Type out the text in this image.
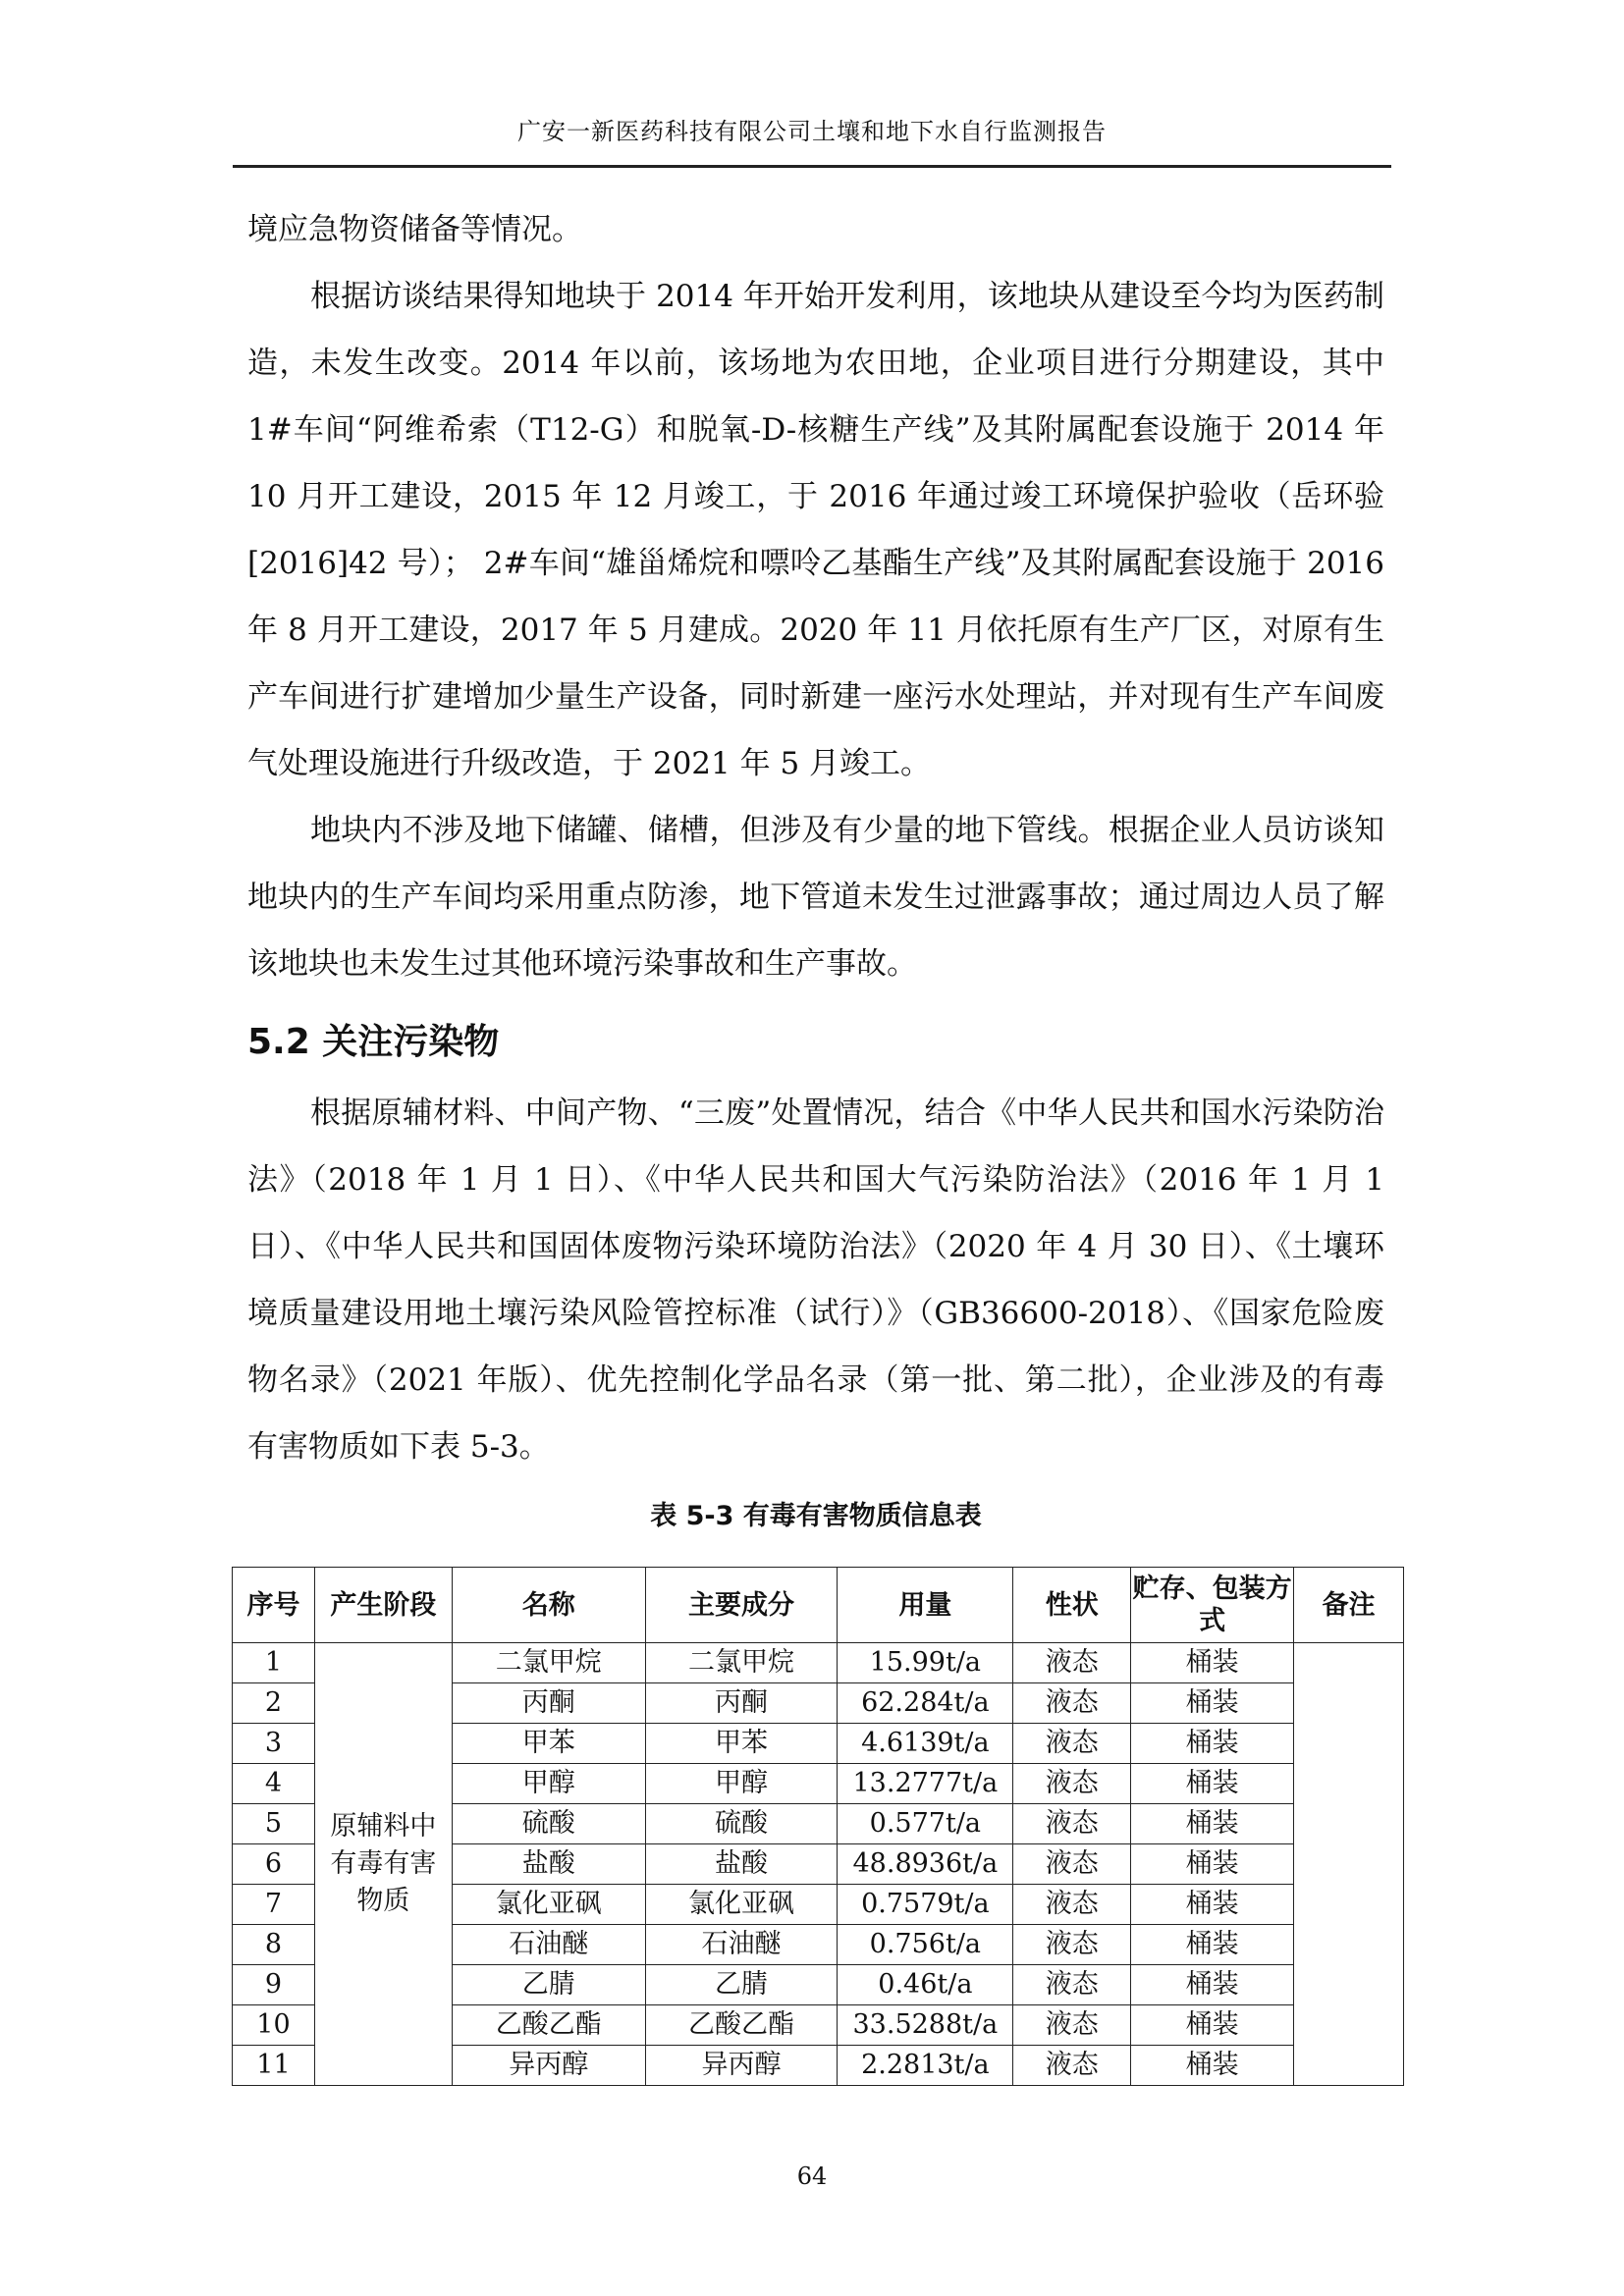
广安一新医药科技有限公司土壤和地下水自行监测报告

境应急物资储备等情况。

根据访谈结果得知地块于 2014 年开始开发利用，该地块从建设至今均为医药制造，未发生改变。2014 年以前，该场地为农田地，企业项目进行分期建设，其中 1#车间“阿维希索（T12-G）和脱氧-D-核糖生产线”及其附属配套设施于 2014 年 10 月开工建设，2015 年 12 月竣工，于 2016 年通过竣工环境保护验收（岳环验[2016]42 号）； 2#车间“雄甾烯烷和嘌呤乙基酯生产线”及其附属配套设施于 2016 年 8 月开工建设，2017 年 5 月建成。2020 年 11 月依托原有生产厂区，对原有生产车间进行扩建增加少量生产设备，同时新建一座污水处理站，并对现有生产车间废气处理设施进行升级改造，于 2021 年 5 月竣工。

地块内不涉及地下储罐、储槽，但涉及有少量的地下管线。根据企业人员访谈知地块内的生产车间均采用重点防渗，地下管道未发生过泄露事故；通过周边人员了解该地块也未发生过其他环境污染事故和生产事故。

5.2 关注污染物

根据原辅材料、中间产物、“三废”处置情况，结合《中华人民共和国水污染防治法》（2018 年 1 月 1 日）、《中华人民共和国大气污染防治法》（2016 年 1 月 1 日）、《中华人民共和国固体废物污染环境防治法》（2020 年 4 月 30 日）、《土壤环境质量建设用地土壤污染风险管控标准（试行）》（GB36600-2018）、《国家危险废物名录》（2021 年版）、优先控制化学品名录（第一批、第二批），企业涉及的有毒有害物质如下表 5-3。

表 5-3 有毒有害物质信息表
序号	产生阶段	名称	主要成分	用量	性状	贮存、包装方式	备注
1	原辅料中有毒有害物质	二氯甲烷	二氯甲烷	15.99t/a	液态	桶装	
2		丙酮	丙酮	62.284t/a	液态	桶装	
3		甲苯	甲苯	4.6139t/a	液态	桶装	
4		甲醇	甲醇	13.2777t/a	液态	桶装	
5		硫酸	硫酸	0.577t/a	液态	桶装	
6		盐酸	盐酸	48.8936t/a	液态	桶装	
7		氯化亚砜	氯化亚砜	0.7579t/a	液态	桶装	
8		石油醚	石油醚	0.756t/a	液态	桶装	
9		乙腈	乙腈	0.46t/a	液态	桶装	
10		乙酸乙酯	乙酸乙酯	33.5288t/a	液态	桶装	
11		异丙醇	异丙醇	2.2813t/a	液态	桶装	
64
